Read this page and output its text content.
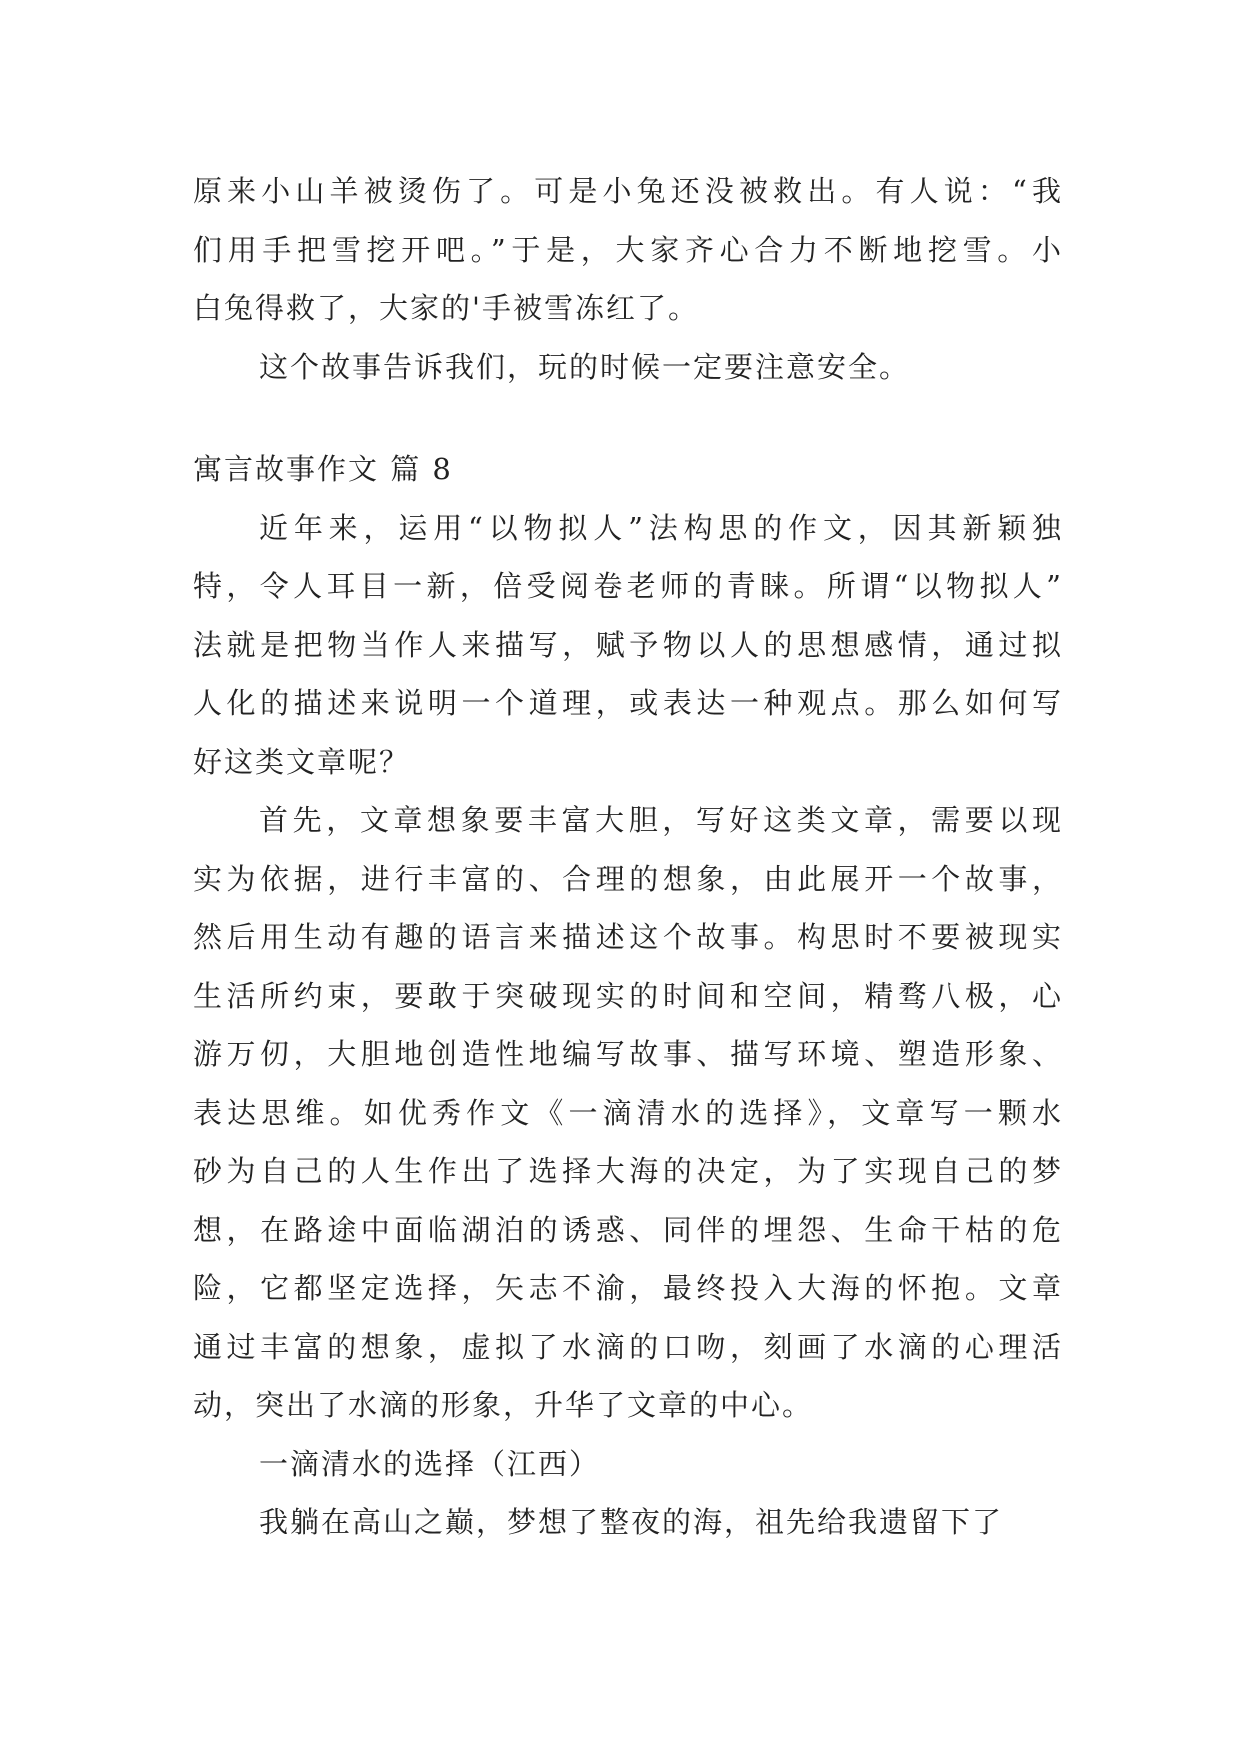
原来小山羊被烫伤了。可是小兔还没被救出。有人说：“我
们用手把雪挖开吧。”于是，大家齐心合力不断地挖雪。小
白兔得救了，大家的'手被雪冻红了。
这个故事告诉我们，玩的时候一定要注意安全。
寓言故事作文 篇 8
近年来，运用“以物拟人”法构思的作文，因其新颖独
特，令人耳目一新，倍受阅卷老师的青睐。所谓“以物拟人”
法就是把物当作人来描写，赋予物以人的思想感情，通过拟
人化的描述来说明一个道理，或表达一种观点。那么如何写
好这类文章呢？
首先，文章想象要丰富大胆，写好这类文章，需要以现
实为依据，进行丰富的、合理的想象，由此展开一个故事，
然后用生动有趣的语言来描述这个故事。构思时不要被现实
生活所约束，要敢于突破现实的时间和空间，精骛八极，心
游万仞，大胆地创造性地编写故事、描写环境、塑造形象、
表达思维。如优秀作文《一滴清水的选择》，文章写一颗水
砂为自己的人生作出了选择大海的决定，为了实现自己的梦
想，在路途中面临湖泊的诱惑、同伴的埋怨、生命干枯的危
险，它都坚定选择，矢志不渝，最终投入大海的怀抱。文章
通过丰富的想象，虚拟了水滴的口吻，刻画了水滴的心理活
动，突出了水滴的形象，升华了文章的中心。
一滴清水的选择（江西）
我躺在高山之巅，梦想了整夜的海，祖先给我遗留下了
